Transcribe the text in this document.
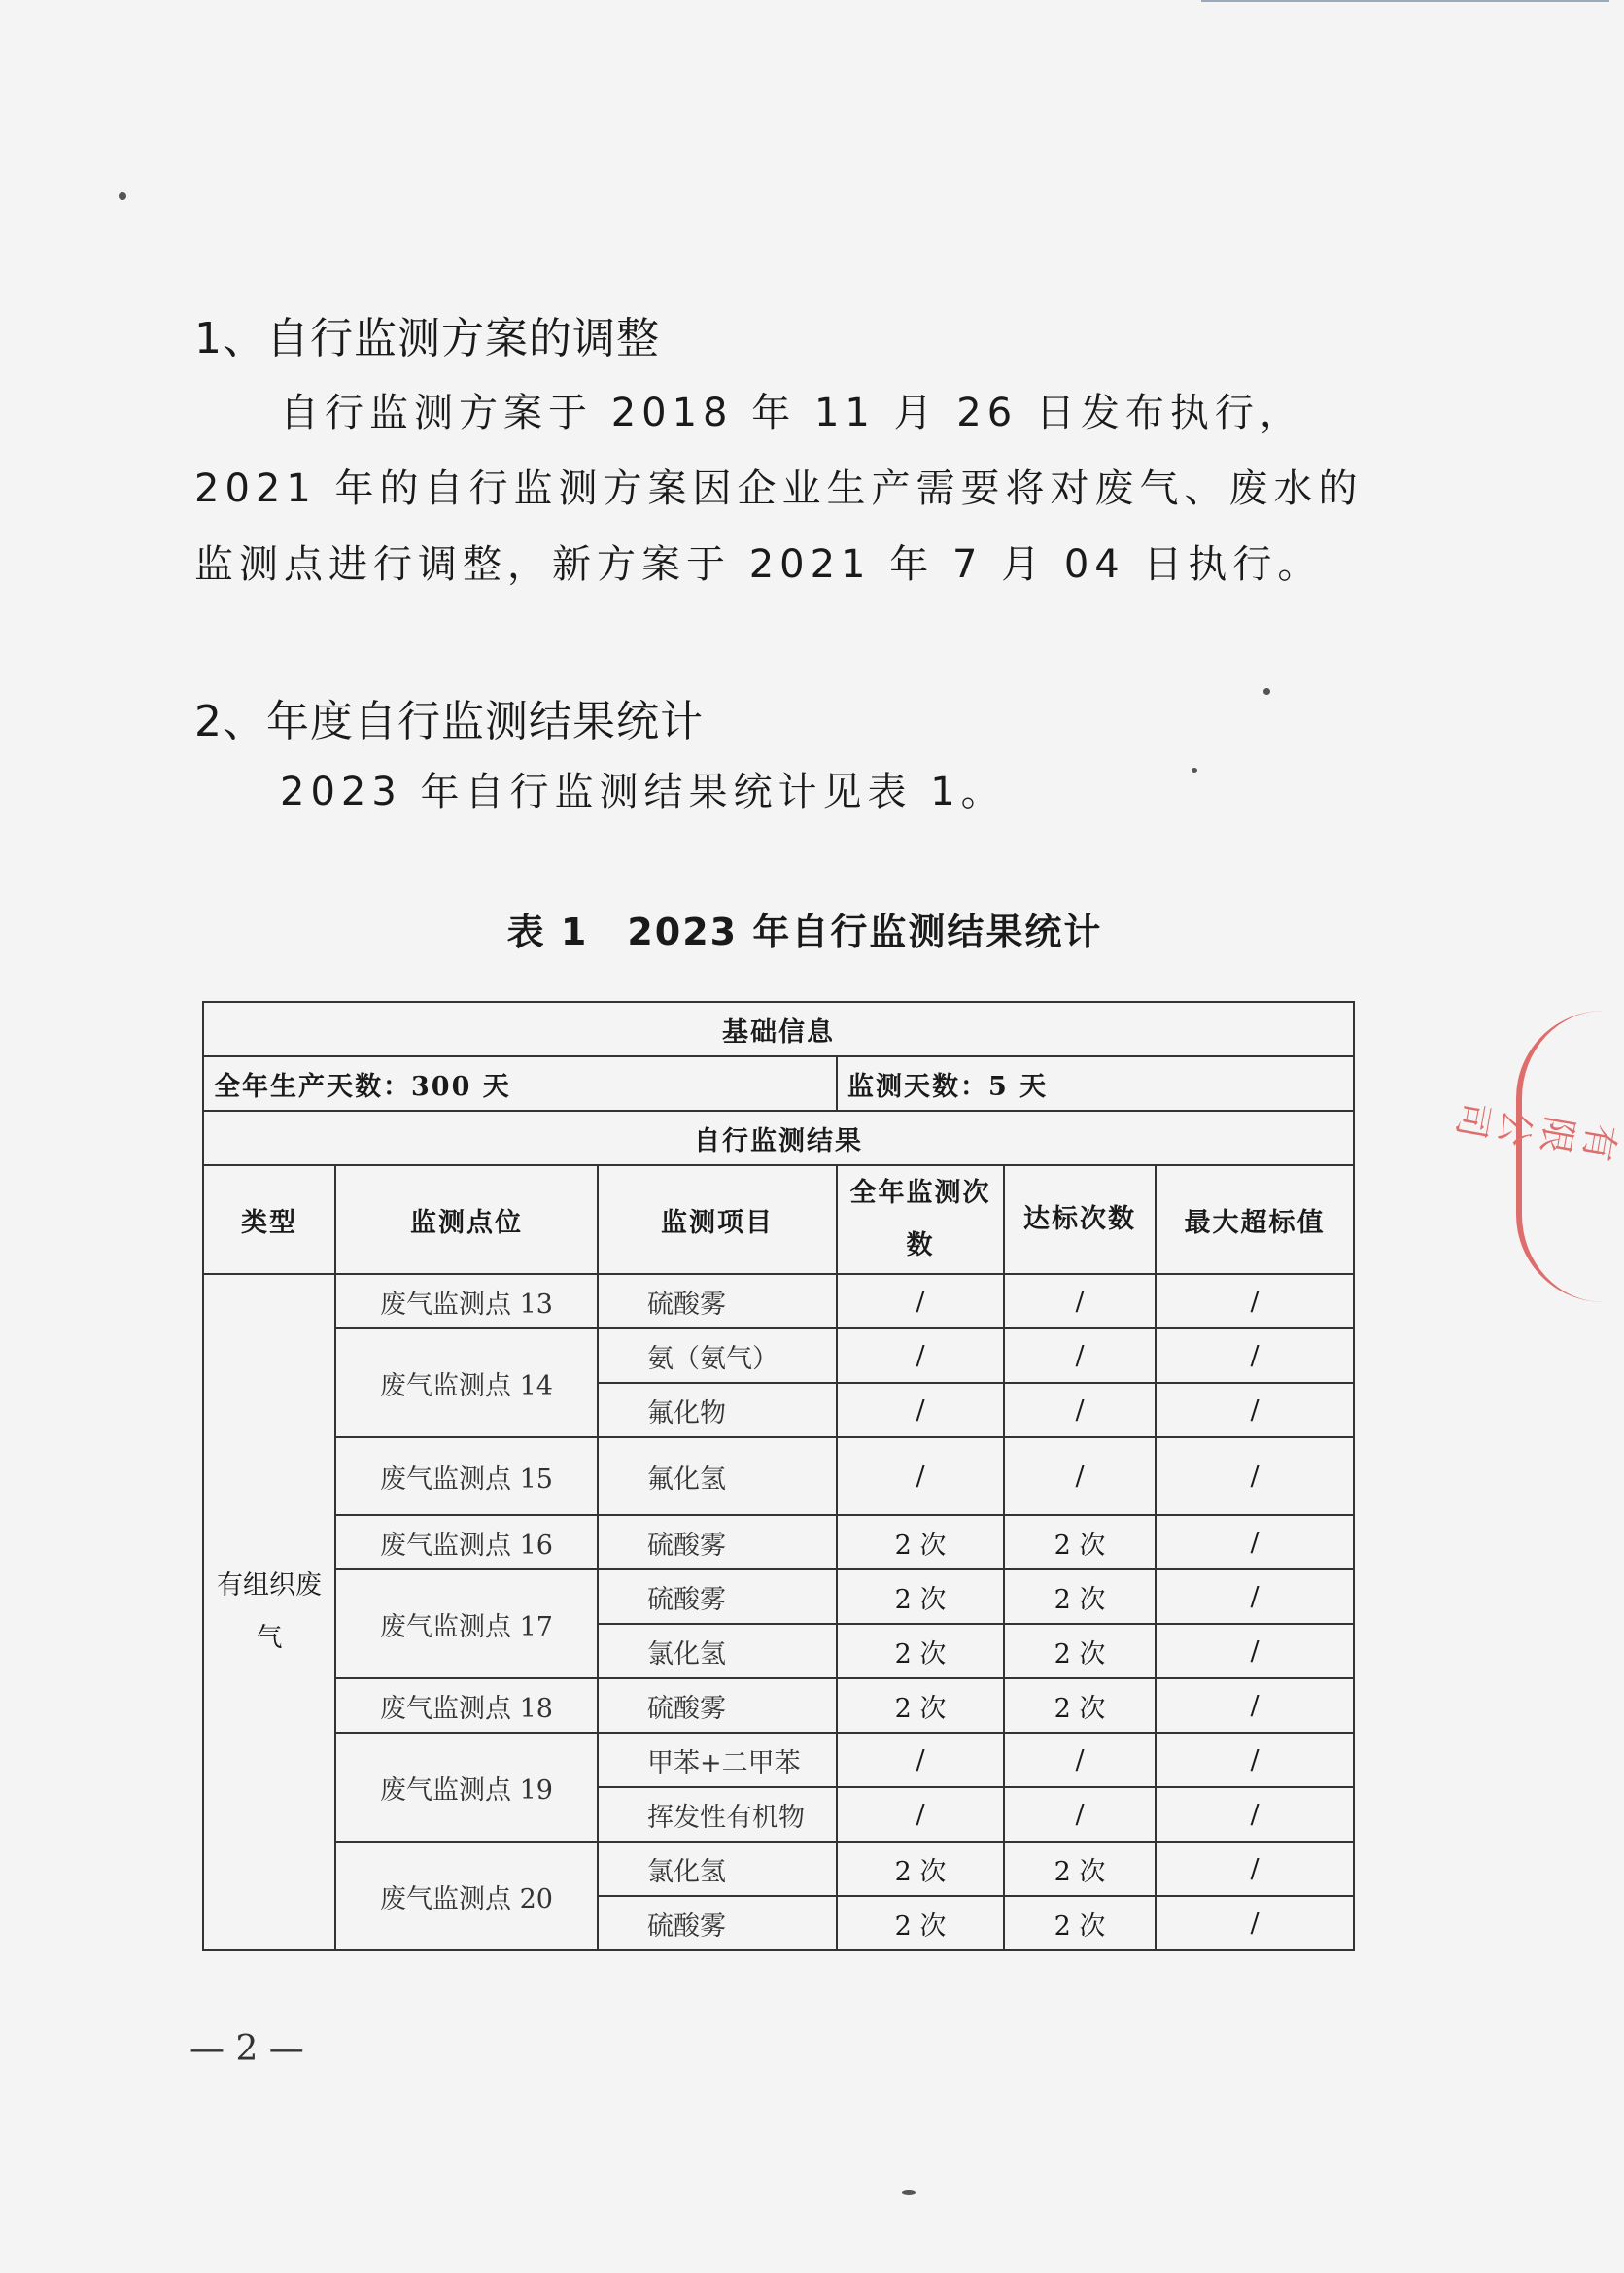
1、自行监测方案的调整
自行监测方案于 2018 年 11 月 26 日发布执行，2021 年的自行监测方案因企业生产需要将对废气、废水的监测点进行调整，新方案于 2021 年 7 月 04 日执行。
2、年度自行监测结果统计
2023 年自行监测结果统计见表 1。
表 1　2023 年自行监测结果统计
基础信息					
全年生产天数：300 天			监测天数：5 天		
自行监测结果					
类型	监测点位	监测项目	全年监测次数	达标次数	最大超标值
有组织废气	废气监测点 13	硫酸雾	/	/	/
	废气监测点 14	氨（氨气）	/	/	/
		氟化物	/	/	/
	废气监测点 15	氟化氢	/	/	/
	废气监测点 16	硫酸雾	2 次	2 次	/
	废气监测点 17	硫酸雾	2 次	2 次	/
		氯化氢	2 次	2 次	/
	废气监测点 18	硫酸雾	2 次	2 次	/
	废气监测点 19	甲苯+二甲苯	/	/	/
		挥发性有机物	/	/	/
	废气监测点 20	氯化氢	2 次	2 次	/
		硫酸雾	2 次	2 次	/
— 2 —
有限公司
